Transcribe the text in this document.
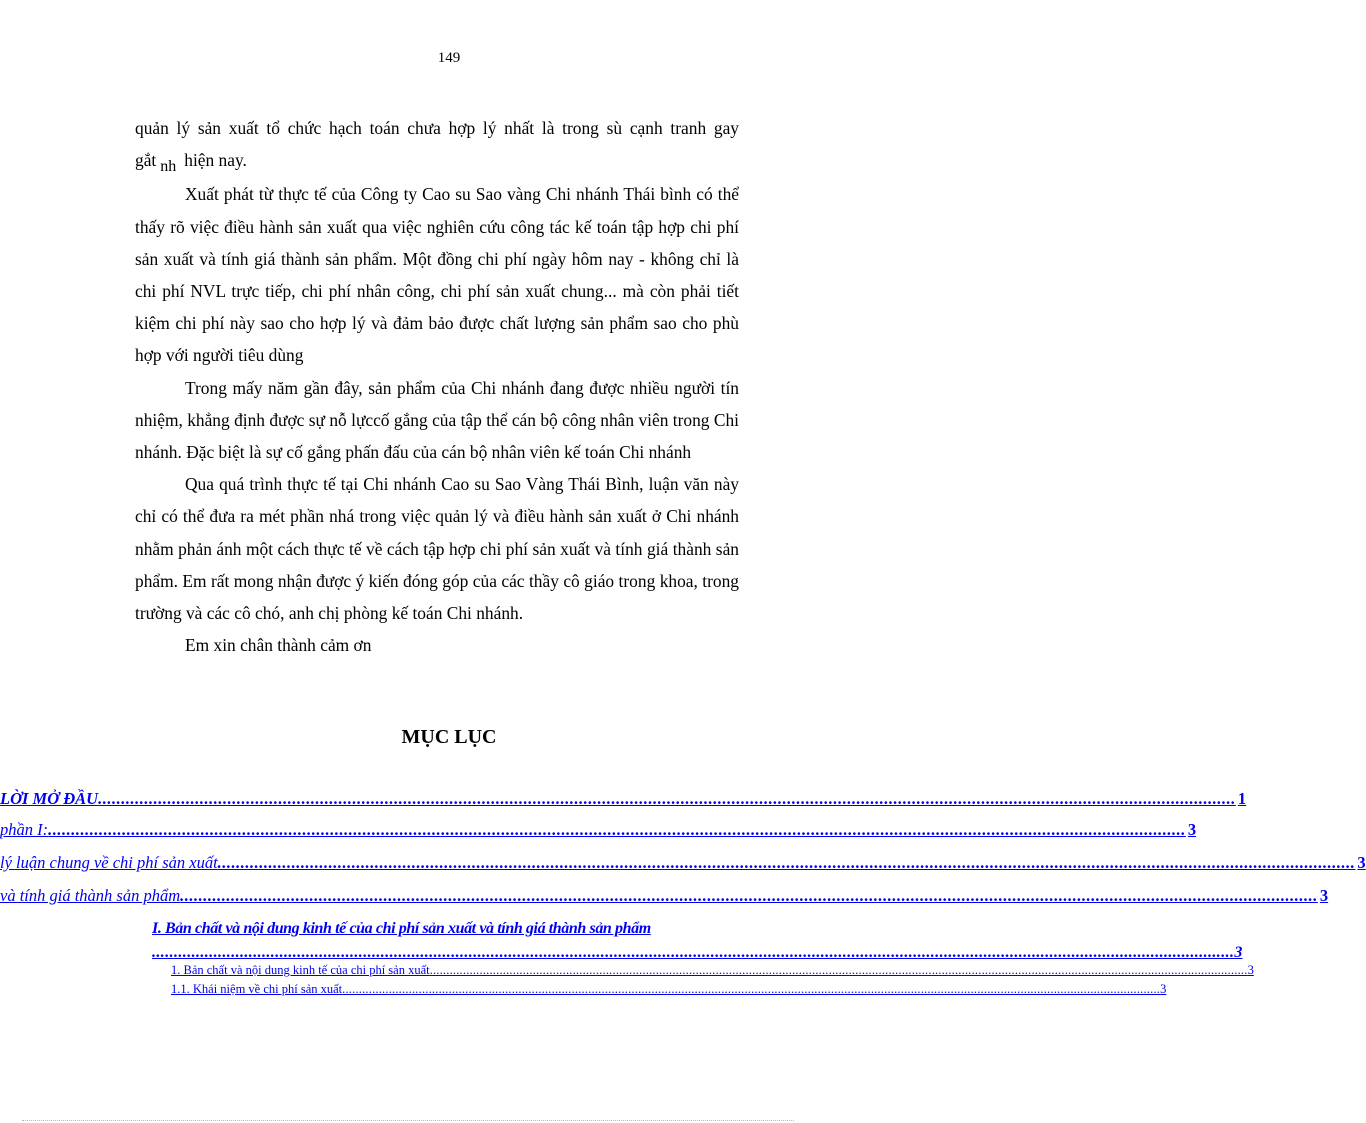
149

quản lý sản xuất tổ chức hạch toán chưa hợp lý nhất là trong sù cạnh tranh gay gắt nh hiện nay.

Xuất phát từ thực tế của Công ty Cao su Sao vàng Chi nhánh Thái bình có thể thấy rõ việc điều hành sản xuất qua việc nghiên cứu công tác kế toán tập hợp chi phí sản xuất và tính giá thành sản phẩm. Một đồng chi phí ngày hôm nay - không chỉ là chi phí NVL trực tiếp, chi phí nhân công, chi phí sản xuất chung... mà còn phải tiết kiệm chi phí này sao cho hợp lý và đảm bảo được chất lượng sản phẩm sao cho phù hợp với người tiêu dùng

Trong mấy năm gần đây, sản phẩm của Chi nhánh đang được nhiều người tín nhiệm, khẳng định được sự nỗ lựccố gắng của tập thể cán bộ công nhân viên trong Chi nhánh. Đặc biệt là sự cố gắng phấn đấu của cán bộ nhân viên kế toán Chi nhánh

Qua quá trình thực tế tại Chi nhánh Cao su Sao Vàng Thái Bình, luận văn này chỉ có thể đưa ra mét phần nhá trong việc quản lý và điều hành sản xuất ở Chi nhánh nhằm phản ánh một cách thực tế về cách tập hợp chi phí sản xuất và tính giá thành sản phẩm. Em rất mong nhận được ý kiến đóng góp của các thầy cô giáo trong khoa, trong trường và các cô chó, anh chị phòng kế toán Chi nhánh.

Em xin chân thành cảm ơn

MỤC LỤC
LỜI MỞ ĐẦU ...................................................................................................................................................................................................................................................... 1
phần I: ...................................................................................................................................................................................................................................................... 3
lý luận chung về chi phí sản xuất ...................................................................................................................................................................................................................................................... 3
và tính giá thành sản phẩm ...................................................................................................................................................................................................................................................... 3
I. Bản chất và nội dung kinh tế của chi phí sản xuất và tính giá thành sản phẩm
...................................................................................................................................................................................................................................................... 3
1. Bản chất và nội dung kinh tế của chi phí sản xuất ...................................................................................................................................................................................................................................................... 3
1.1. Khái niệm về chi phí sản xuất ...................................................................................................................................................................................................................................................... 3
